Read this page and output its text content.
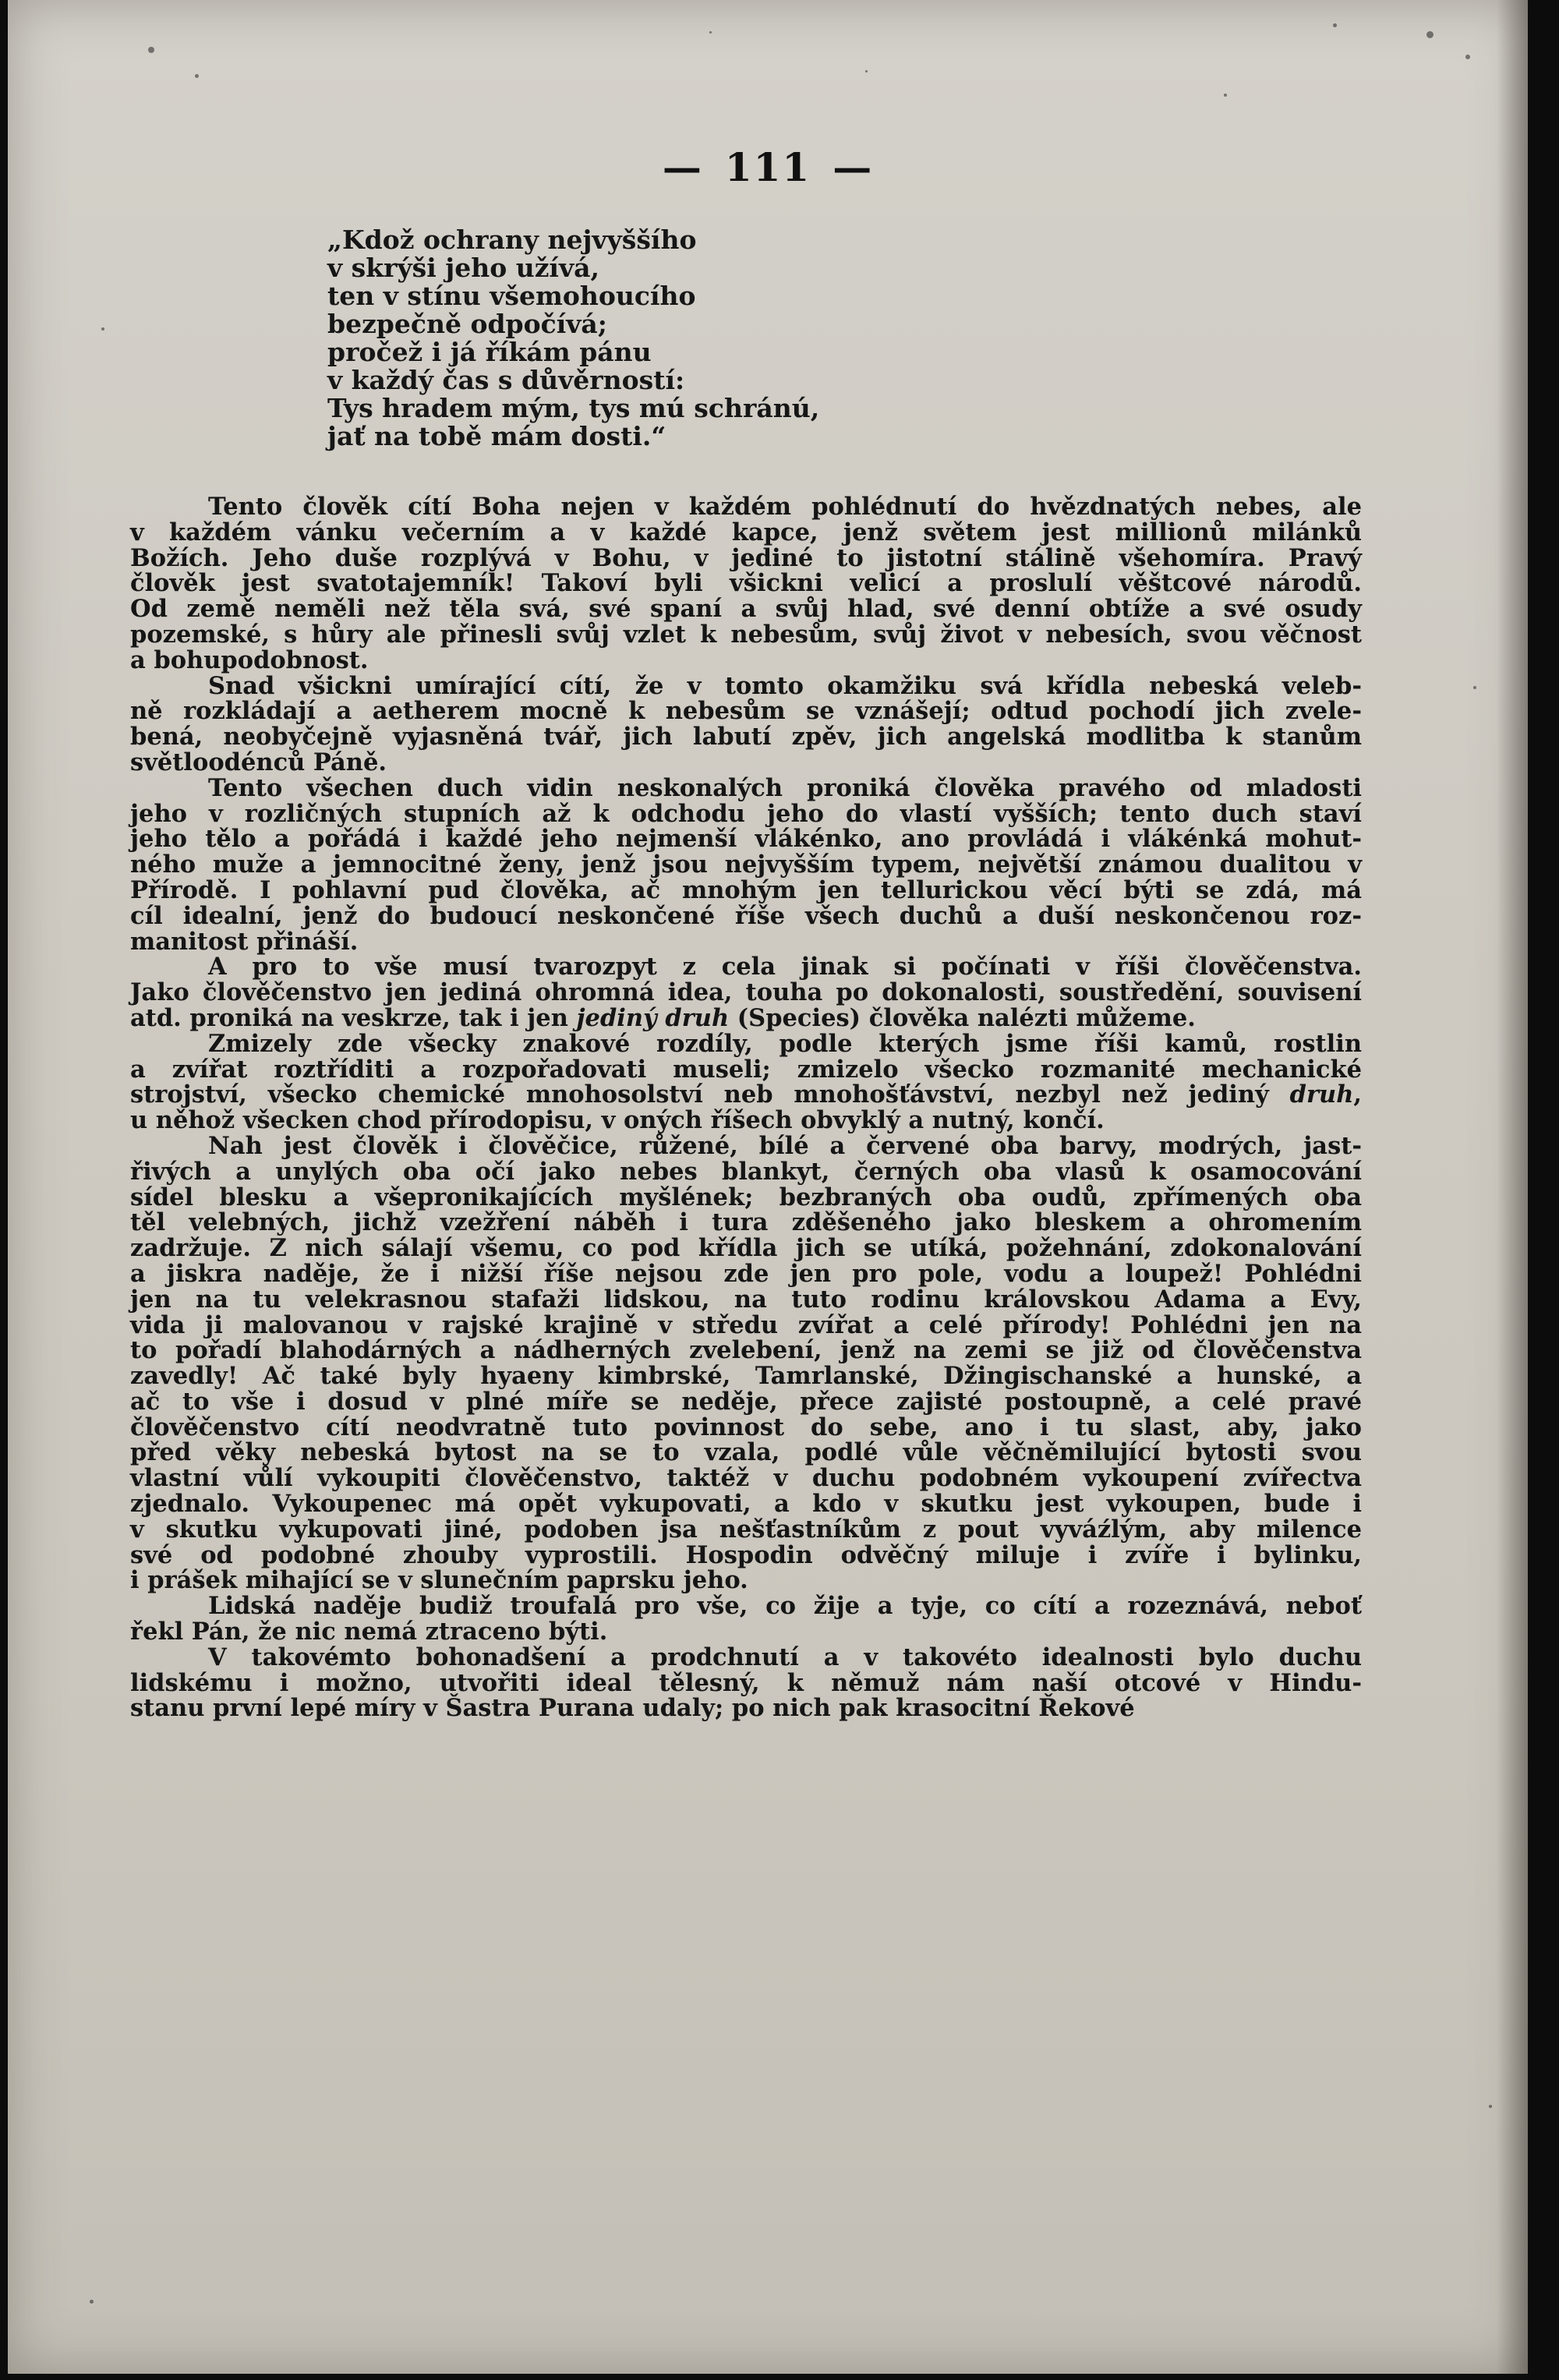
— 111 —
„Kdož ochrany nejvyššího
v skrýši jeho užívá,
ten v stínu všemohoucího
bezpečně odpočívá;
pročež i já říkám pánu
v každý čas s důvěrností:
Tys hradem mým, tys mú schránú,
jať na tobě mám dosti.“
Tento člověk cítí Boha nejen v každém pohlédnutí do hvězdnatých nebes, ale
v každém vánku večerním a v každé kapce, jenž světem jest millionů milánků
Božích. Jeho duše rozplývá v Bohu, v jediné to jistotní stálině všehomíra. Pravý
člověk jest svatotajemník! Takoví byli všickni velicí a proslulí věštcové národů.
Od země neměli než těla svá, své spaní a svůj hlad, své denní obtíže a své osudy
pozemské, s hůry ale přinesli svůj vzlet k nebesům, svůj život v nebesích, svou věčnost
a bohupodobnost.
Snad všickni umírající cítí, že v tomto okamžiku svá křídla nebeská veleb-
ně rozkládají a aetherem mocně k nebesům se vznášejí; odtud pochodí jich zvele-
bená, neobyčejně vyjasněná tvář, jich labutí zpěv, jich angelská modlitba k stanům
světloodénců Páně.
Tento všechen duch vidin neskonalých proniká člověka pravého od mladosti
jeho v rozličných stupních až k odchodu jeho do vlastí vyšších; tento duch staví
jeho tělo a pořádá i každé jeho nejmenší vlákénko, ano provládá i vlákénká mohut-
ného muže a jemnocitné ženy, jenž jsou nejvyšším typem, největší známou dualitou v
Přírodě. I pohlavní pud člověka, ač mnohým jen tellurickou věcí býti se zdá, má
cíl idealní, jenž do budoucí neskončené říše všech duchů a duší neskončenou roz-
manitost přináší.
A pro to vše musí tvarozpyt z cela jinak si počínati v říši člověčenstva.
Jako člověčenstvo jen jediná ohromná idea, touha po dokonalosti, soustředění, souvisení
atd. proniká na veskrze, tak i jen jediný druh (Species) člověka nalézti můžeme.
Zmizely zde všecky znakové rozdíly, podle kterých jsme říši kamů, rostlin
a zvířat roztříditi a rozpořadovati museli; zmizelo všecko rozmanité mechanické
strojství, všecko chemické mnohosolství neb mnohošťávství, nezbyl než jediný druh,
u něhož všecken chod přírodopisu, v oných říšech obvyklý a nutný, končí.
Nah jest člověk i člověčice, růžené, bílé a červené oba barvy, modrých, jast-
řivých a unylých oba očí jako nebes blankyt, černých oba vlasů k osamocování
sídel blesku a všepronikajících myšlének; bezbraných oba oudů, zpřímených oba
těl velebných, jichž vzežření náběh i tura zděšeného jako bleskem a ohromením
zadržuje. Z nich sálají všemu, co pod křídla jich se utíká, požehnání, zdokonalování
a jiskra naděje, že i nižší říše nejsou zde jen pro pole, vodu a loupež! Pohlédni
jen na tu velekrasnou stafaži lidskou, na tuto rodinu královskou Adama a Evy,
vida ji malovanou v rajské krajině v středu zvířat a celé přírody! Pohlédni jen na
to pořadí blahodárných a nádherných zvelebení, jenž na zemi se již od člověčenstva
zavedly! Ač také byly hyaeny kimbrské, Tamrlanské, Džingischanské a hunské, a
ač to vše i dosud v plné míře se neděje, přece zajisté postoupně, a celé pravé
člověčenstvo cítí neodvratně tuto povinnost do sebe, ano i tu slast, aby, jako
před věky nebeská bytost na se to vzala, podlé vůle věčněmilující bytosti svou
vlastní vůlí vykoupiti člověčenstvo, taktéž v duchu podobném vykoupení zvířectva
zjednalo. Vykoupenec má opět vykupovati, a kdo v skutku jest vykoupen, bude i
v skutku vykupovati jiné, podoben jsa nešťastníkům z pout vyváźlým, aby milence
své od podobné zhouby vyprostili. Hospodin odvěčný miluje i zvíře i bylinku,
i prášek mihající se v slunečním paprsku jeho.
Lidská naděje budiž troufalá pro vše, co žije a tyje, co cítí a rozeznává, neboť
řekl Pán, že nic nemá ztraceno býti.
V takovémto bohonadšení a prodchnutí a v takovéto idealnosti bylo duchu
lidskému i možno, utvořiti ideal tělesný, k němuž nám naší otcové v Hindu-
stanu první lepé míry v Šastra Purana udaly; po nich pak krasocitní Řekové
